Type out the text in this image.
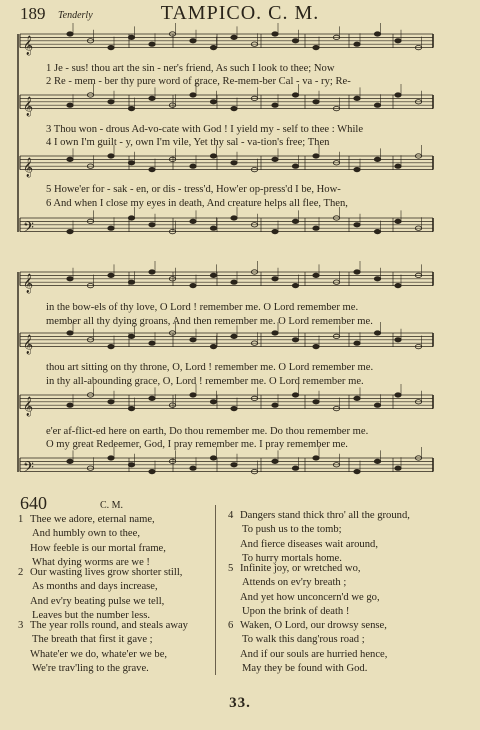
189 Tenderly	TAMPICO. C. M.
𝄞
𝄞
𝄞
𝄢
𝄞
𝄞
𝄞
𝄢
1 Je - sus! thou art the sin - ner's friend, As such I look to thee; Now
2 Re - mem - ber thy pure word of grace, Re-mem-ber Cal - va - ry; Re-
3 Thou won - drous Ad-vo-cate with God ! I yield my - self to thee : While
4 I own I'm guilt - y, own I'm vile, Yet thy sal - va-tion's free; Then
5 Howe'er for - sak - en, or dis - tress'd, How'er op-press'd I be, How-
6 And when I close my eyes in death, And creature helps all flee, Then,
in the bow-els of thy love, O Lord ! remember me. O Lord remember me.
member all thy dying groans, And then remember me. O Lord remember me.
thou art sitting on thy throne, O, Lord ! remember me. O Lord remember me.
in thy all-abounding grace, O, Lord ! remember me. O Lord remember me.
e'er af-flict-ed here on earth, Do thou remember me. Do thou remember me.
O my great Redeemer, God, I pray remember me. I pray remember me.
640	C. M.
1 Thee we adore, eternal name,
And humbly own to thee,
How feeble is our mortal frame,
What dying worms are we !
2 Our wasting lives grow shorter still,
As months and days increase,
And ev'ry beating pulse we tell,
Leaves but the number less.
3 The year rolls round, and steals away
The breath that first it gave ;
Whate'er we do, whate'er we be,
We're trav'ling to the grave.
4 Dangers stand thick thro' all the ground,
To push us to the tomb;
And fierce diseases wait around,
To hurry mortals home.
5 Infinite joy, or wretched wo,
Attends on ev'ry breath ;
And yet how unconcern'd we go,
Upon the brink of death !
6 Waken, O Lord, our drowsy sense,
To walk this dang'rous road ;
And if our souls are hurried hence,
May they be found with God.
33.
